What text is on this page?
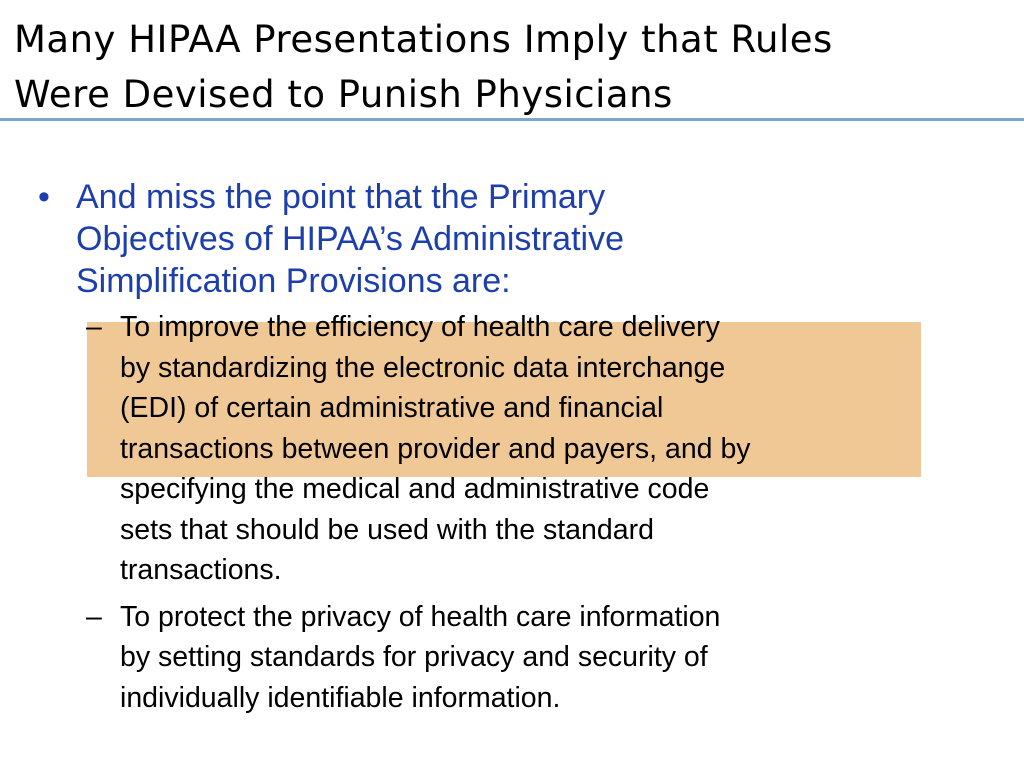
Many HIPAA Presentations Imply that Rules
Were Devised to Punish Physicians
• And miss the point that the Primary
Objectives of HIPAA’s Administrative
Simplification Provisions are:
– To improve the efficiency of health care delivery
by standardizing the electronic data interchange
(EDI) of certain administrative and financial
transactions between provider and payers, and by
specifying the medical and administrative code
sets that should be used with the standard
transactions.
– To protect the privacy of health care information
by setting standards for privacy and security of
individually identifiable information.
